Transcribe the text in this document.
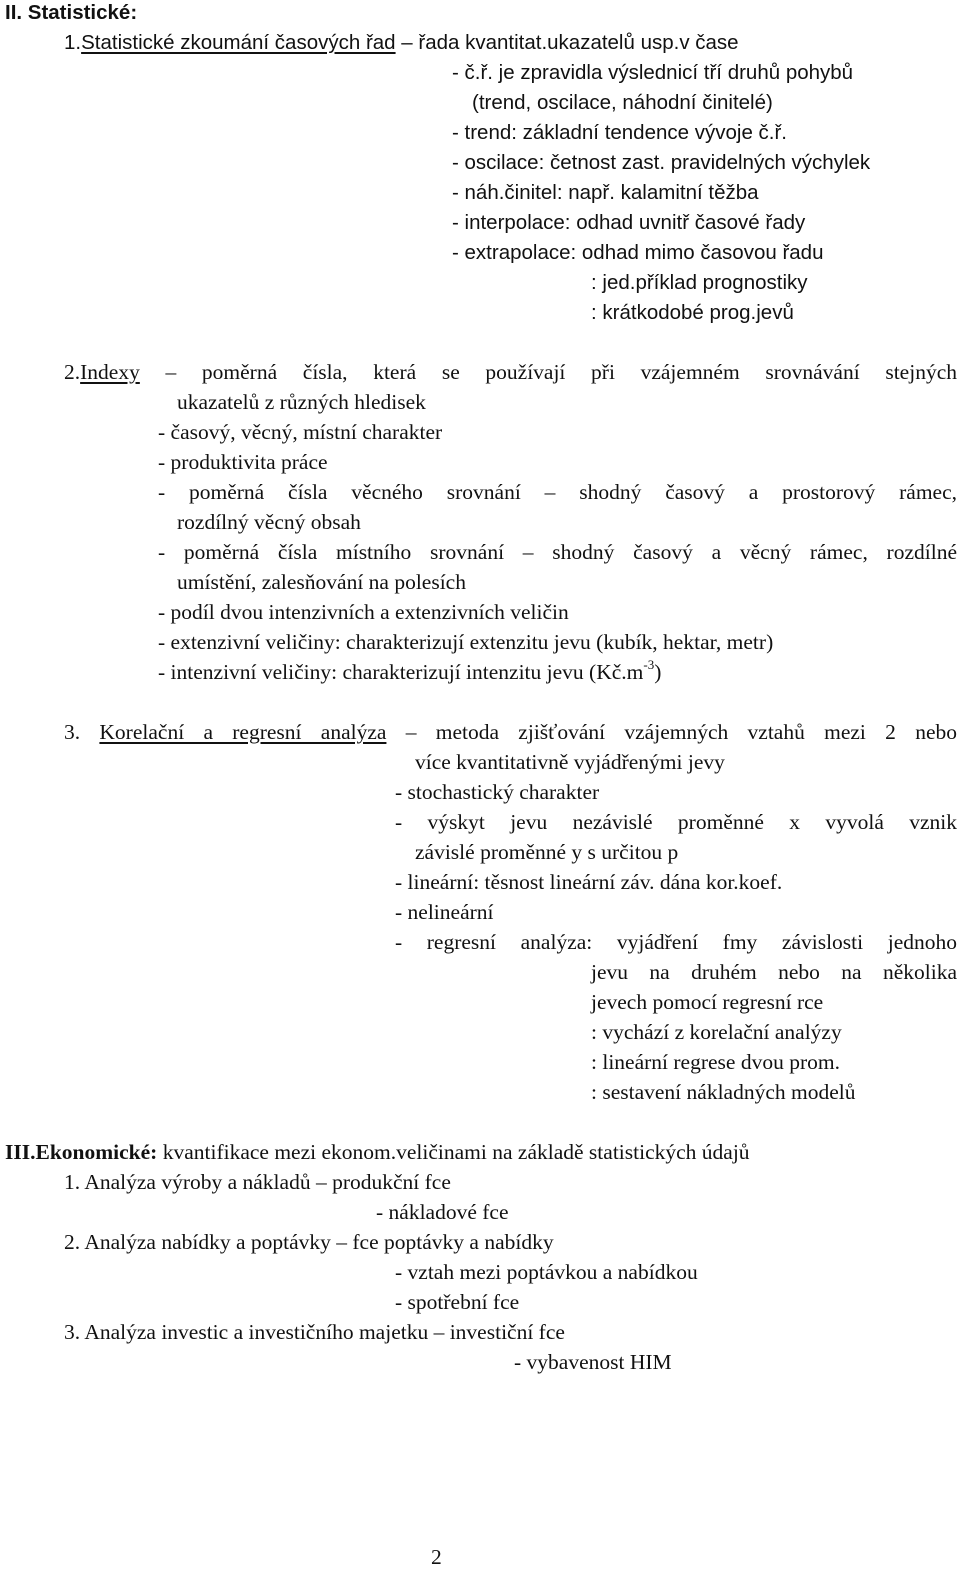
II. Statistické:
1.Statistické zkoumání časových řad – řada kvantitat.ukazatelů usp.v čase
- č.ř. je zpravidla výslednicí tří druhů pohybů
(trend, oscilace, náhodní činitelé)
- trend: základní tendence vývoje č.ř.
- oscilace: četnost zast. pravidelných výchylek
- náh.činitel: např. kalamitní těžba
- interpolace: odhad uvnitř časové řady
- extrapolace: odhad mimo časovou řadu
: jed.příklad prognostiky
: krátkodobé prog.jevů
2.Indexy – poměrná čísla, která se používají při vzájemném srovnávání stejných
ukazatelů z různých hledisek
- časový, věcný, místní charakter
- produktivita práce
- poměrná čísla věcného srovnání – shodný časový a prostorový rámec,
rozdílný věcný obsah
- poměrná čísla místního srovnání – shodný časový a věcný rámec, rozdílné
umístění, zalesňování na polesích
- podíl dvou intenzivních a extenzivních veličin
- extenzivní veličiny: charakterizují extenzitu jevu (kubík, hektar, metr)
- intenzivní veličiny: charakterizují intenzitu jevu $(Kč.m^{-3})$
3. Korelační a regresní analýza – metoda zjišťování vzájemných vztahů mezi 2 nebo
více kvantitativně vyjádřenými jevy
- stochastický charakter
- výskyt jevu nezávislé proměnné x vyvolá vznik
závislé proměnné y s určitou p
- lineární: těsnost lineární záv. dána kor.koef.
- nelineární
- regresní analýza: vyjádření fmy závislosti jednoho
jevu na druhém nebo na několika
jevech pomocí regresní rce
: vychází z korelační analýzy
: lineární regrese dvou prom.
: sestavení nákladných modelů
III.Ekonomické: kvantifikace mezi ekonom.veličinami na základě statistických údajů
1. Analýza výroby a nákladů – produkční fce
- nákladové fce
2. Analýza nabídky a poptávky – fce poptávky a nabídky
- vztah mezi poptávkou a nabídkou
- spotřební fce
3. Analýza investic a investičního majetku – investiční fce
- vybavenost HIM
2
